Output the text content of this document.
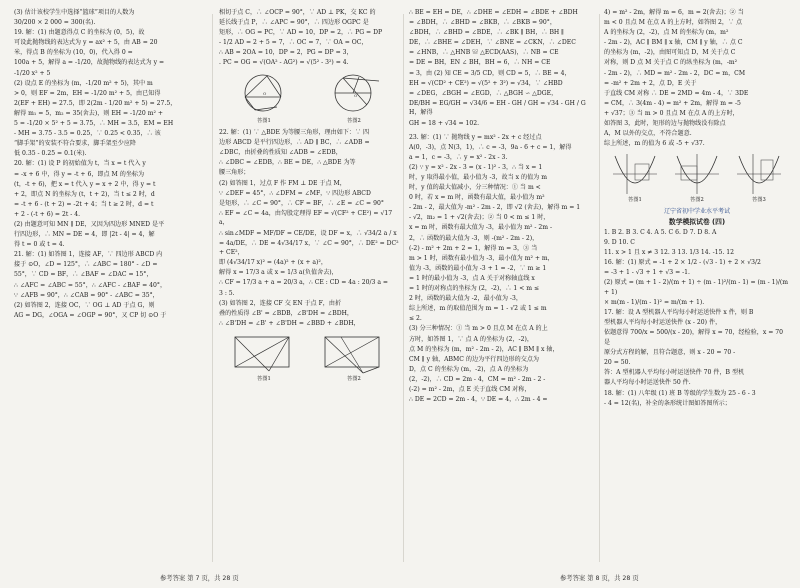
(3) 估计该校学生中选择“篮球”项目的人数为

30/200 × 2 000 = 300(名).

19. 解：(1) 由题意得点 C 的坐标为 (0，5)，故

可设此抛物线的表达式为 y = ax² + 5，由 AB = 20

米，得点 B 的坐标为 (10，0)，代入得 0 =

100a + 5，解得 a = -1/20，故抛物线的表达式为 y =

-1/20 x² + 5

(2) 设点 E 的坐标为 (m，-1/20 m² + 5)，其中 m

> 0，则 EF = 2m，EH = -1/20 m² + 5，由已知得

2(EF + EH) = 27.5，即 2(2m - 1/20 m² + 5) = 27.5，

解得 m₁ = 5，m₂ = 35(舍去)，则 EH = -1/20 m² +

5 = -1/20 × 5² + 5 = 3.75，∴ MH = 3.5，EM = EH

- MH = 3.75 - 3.5 = 0.25，∵ 0.25 < 0.35，∴ 该

“脚手架”的安装不符合要求，脚手架至少应降

低 0.35 - 0.25 = 0.1(米).

20. 解：(1) 设 P 的初始值为 t，当 x = t 代入 y

= -x + 6 中，得 y = -t + 6，即点 M 的坐标为

(t，-t + 6)，把 x = t 代入 y = x + 2 中，得 y = t

+ 2，即点 N 的坐标为 (t，t + 2)，当 t ≤ 2 时，d

= -t + 6 - (t + 2) = -2t + 4；当 t ≥ 2 时，d = t

+ 2 - (-t + 6) = 2t - 4.

(2) 由题意可知 MN ∥ DE，又因为四边形 MNED 是平

行四边形，∴ MN = DE = 4，即 |2t - 4| = 4，解

得 t = 0 或 t = 4.

21. 解：(1) 如答图 1，连接 AF，∵ 四边形 ABCD 内

接于 ⊙O，∠D = 125°，∴ ∠ABC = 180° - ∠D =

55°，∵ CD = BF，∴ ∠BAF = ∠DAC = 15°，

∴ ∠AFC = ∠ABC = 55°，∴ ∠AFC - ∠BAF = 40°，

∵ ∠AFB = 90°，∴ ∠CAB = 90° - ∠ABC = 35°，

(2) 如答图 2，连接 OC，∵ OG ⊥ AD 于点 G，则

AG = DG，∠OGA = ∠OGP = 90°，又 CP 切 ⊙O 于

相切于点 C，∴ ∠OCP = 90°，∵ AD ⊥ PK，交 KC 的

延长线于点 P，∴ ∠APC = 90°，∴ 四边形 OGPC 是

矩形，∴ OG = PC，∵ AD = 10，DP = 2，∴ PG = DP

- 1/2 AD = 2 + 5 = 7，∴ OC = 7，∵ OA = OC，

∴ AB = 2OA = 10，DP = 2，PG = DP = 3，

. PC = OG = √(OA² - AG²) = √(5² - 3²) = 4.

O
答图1
O
答图2

22. 解：(1) ∵ △BDE 为等腰三角形，理由如下：∵ 四

边形 ABCD 是平行四边形，∴ AD ∥ BC，∴ ∠ADB =

∠DBC，由折叠的性质知 ∠ADB = ∠EDB，

∴ ∠DBC = ∠EDB，∴ BE = DE，∴ △BDE 为等

腰三角形；

(2) 如答图 1，过点 F 作 FM ⊥ DE 于点 M，

∵ ∠DEF = 45°，∴ ∠DFM = ∠MF，∵ 四边形 ABCD

是矩形，∴ ∠C = 90°，∴ CF = BF，∴ ∠E = ∠C = 90°

∴ EF = ∠C = 4a，由勾股定理得 EF = √(CF² + CE²) = √17 a，

∴ sin∠MDF = MF/DF = CE/DE，设 DF = x，∴ √34/2 a / x

= 4a/DE，∴ DE = 4√34/17 x，∵ ∠C = 90°，∴ DE² = DC² + CE²，

即 (4√34/17 x)² = (4a)² + (x + a)²，

解得 x = 17/3 a 或 x = 1/3 a(负值舍去)，

∴ CF = 17/3 a + a = 20/3 a，∴ CE : CD = 4a : 20/3 a =

3 : 5.

(3) 如答图 2，连接 CF 交 EN 于点 F，由折

叠的性质得 ∠B' = ∠BDB，∠B'DH = ∠BDH，

∴ ∠B'DH = ∠B' + ∠B'DH = ∠BBD + ∠BDH，

答图1	答图2

∴ BE = EH = DE，∴ ∠DHE = ∠EDH = ∠BDE + ∠BDH

= ∠BDH，∴ ∠BHD = ∠BKB，∴ ∠BKB = 90°，

∠BDH，∴ ∠BHD = ∠BDE，∴ ∠BK ∥ BH，∴ BH ∥

DE，∴ ∠BHE = ∠DEH，∵ ∠BNE = ∠CKN，∴ ∠DEC

= ∠HNB，∴ △HNB ≌ △ECD(AAS)，∴ NB = CE

= DE = BH，EN ∠ BH，BH = 6，∴ NH = CE

= 3，由 (2) 知 CE = 3/5 CD，则 CD = 5，∴ BE = 4，

EH = √(CD² + CE²) = √(5² + 3²) = √34，∵ ∠HBD

= ∠DEG，∠BGH = ∠EGD，∴ △BGH ∽ △DGE，

DE/BH = EG/GH = √34/6 = EH - GH / GH = √34 - GH / GH，解得

GH = 18 + √34 = 102.

23. 解：(1) ∵ 抛物线 y = mx² - 2x + c 经过点

A(0，-3)，点 N(3，1)，∴ c = -3，9a - 6 + c = 1，解得

a = 1，c = -3，∴ y = x² - 2x - 3.

(2) ∵ y = x² - 2x - 3 = (x - 1)² - 3，∴ 当 x = 1

时，y 取得最小值，最小值为 -3，故当 x 的值为 m

时，y 值的最大值减小，分三种情况：① 当 m <

0 时，若 x = m 时，函数有最大值，最小值为 m²

- 2m - 2，最大值为 -m² - 2m - 2，即 √2 (舍去)，解得 m = 1

- √2，m₂ = 1 + √2(舍去)；② 当 0 < m ≤ 1 时，

x = m 时，函数有最大值为 -3，最小值为 m² - 2m -

2，∴ 函数的最大值为 -3，则 -(m² - 2m - 2)，

(-2) - m² + 2m + 2 = 1，解得 m = 3，③ 当

m > 1 时，函数有最小值为 -3，最小值为 m² + m，

值为 -3，函数的最小值为 -3 + 1 = -2，∵ m ≥ 1

= 1 时的最小值为 -3，点 A 关于对称轴直线 x

= 1 时的对称点的坐标为 (2，-2)，∴ 1 < m ≤

2 时，函数的最大值为 -2，最小值为 -3，

综上所述，m 的取值范围为 m = 1 - √2 或 1 ≤ m

≤ 2.

(3) 分三种情况：① 当 m > 0 且点 M 在点 A 的上

方时，如答图 1，∵ 点 A 的坐标为 (2，-2)，

点 M 的坐标为 (m，m² - 2m - 2)，AC ∥ BM ∥ x 轴，

CM ∥ y 轴，ABMC 的边为平行四边形的交点为

D，点 C 的坐标为 (m，-2)，点 A 的坐标为

(2，-2)，∴ CD = 2m - 4，CM = m² - 2m - 2 -

(-2) = m² - 2m，点 E 关于直线 CM 对称，

∴ DE = 2CD = 2m - 4，∵ DE = 4，∴ 2m - 4 =

4) = m² - 2m，解得 m = 6，m = 2(舍去)；② 当

m < 0 且点 M 在点 A 的上方时，如答图 2，∵ 点

A 的坐标为 (2，-2)，点 M 的坐标为 (m，m²

- 2m - 2)，AC ∥ BM ∥ x 轴，CM ∥ y 轴，∴ 点 C

的坐标为 (m，-2)，由图可知点 D，M 关于点 C

对称，则 D 点 M 关于点 C 的纵坐标为 (m，-m²

- 2m - 2)，∴ MD = m² - 2m - 2，DC = m，CM

= -m² + 2m + 2，点 D，E 关于

于直线 CM 对称 ∴ DE = 2MD = 4m - 4，∵ 3DE

= CM，∴ 3(4m - 4) = m² + 2m，解得 m = -5

+ √37；③ 当 m > 0 且点 M 在点 A 的上方时，

如答图 3，此时，矩形的边与抛物线没有除点

A，M 以外的交点，不符合题意.

综上所述，m 的值为 6 或 -5 + √37.

答图1	答图2	答图3
辽宁省初中学业水平考试
数学模拟试卷 (四)

1. B 2. B 3. C 4. A 5. C 6. D 7. D 8. A

9. D 10. C

11. x > 1 且 x ≠ 3 12. 3 13. 1/3 14. -15. 12

16. 解：(1) 原式 = -1 + 2 × 1/2 - (√3 - 1) + 2 × √3/2

= -3 + 1 - √3 + 1 + √3 = -1.

(2) 原式 = (m + 1 - 2)/(m + 1) ÷ (m - 1)²/(m - 1) = (m - 1)/(m + 1)

× m(m - 1)/(m - 1)² = m/(m + 1).

17. 解：设 A 型机器人平均每小时运送快件 x 件，则 B

型机器人平均每小时运送快件 (x - 20) 件，

依题意得 700/x = 500/(x - 20)，解得 x = 70，经检验，x = 70 是

原分式方程的解，且符合题意，则 x - 20 = 70 -

20 = 50.

答：A 型机器人平均每小时运送快件 70 件，B 型机

器人平均每小时运送快件 50 件.

18. 解：(1) 八年级 (1) 班 B 等级的学生数为 25 - 6 - 3

- 4 = 12(名)，补全的条形统计图如答图所示；

参考答案 第 7 页，共 28 页	参考答案 第 8 页，共 28 页
